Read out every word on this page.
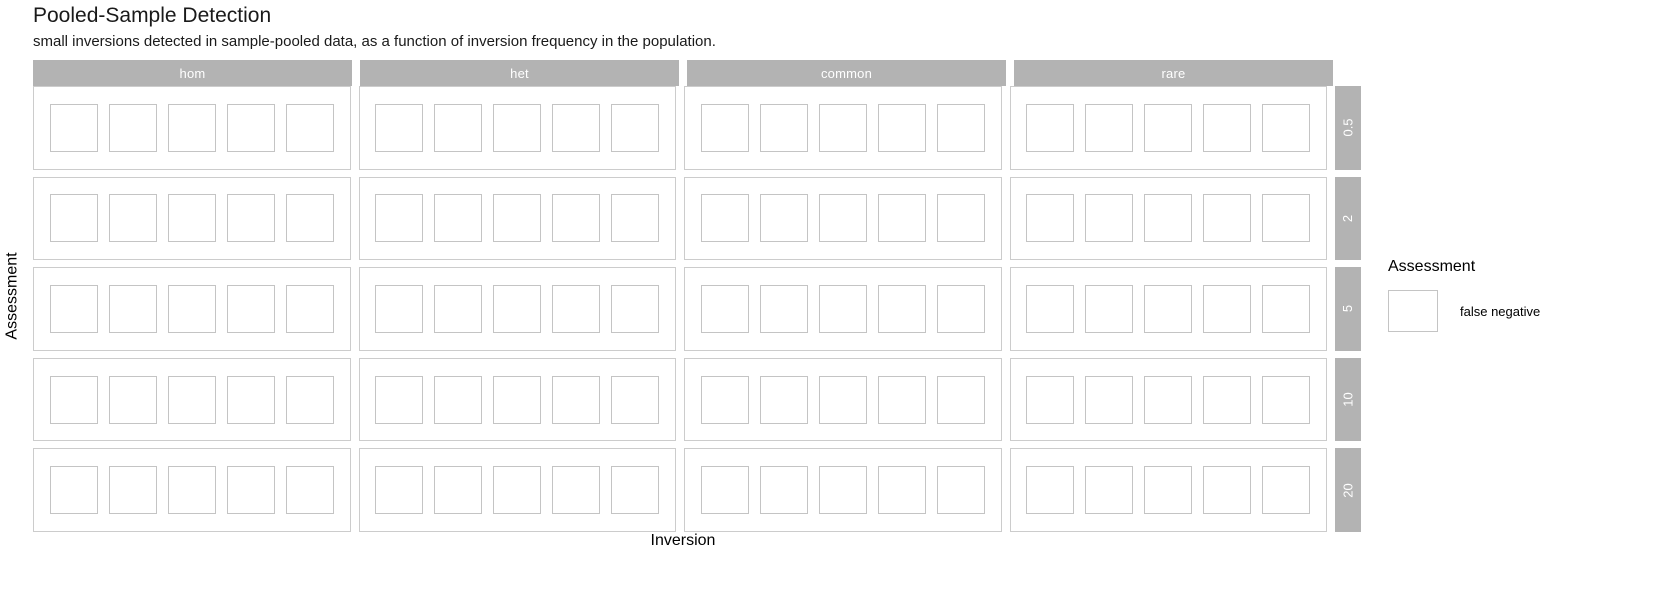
Pooled-Sample Detection
small inversions detected in sample-pooled data, as a function of inversion frequency in the population.
Assessment
hom	het	common	rare
0.5
2
5
10
20
Inversion
Assessment
false negative
